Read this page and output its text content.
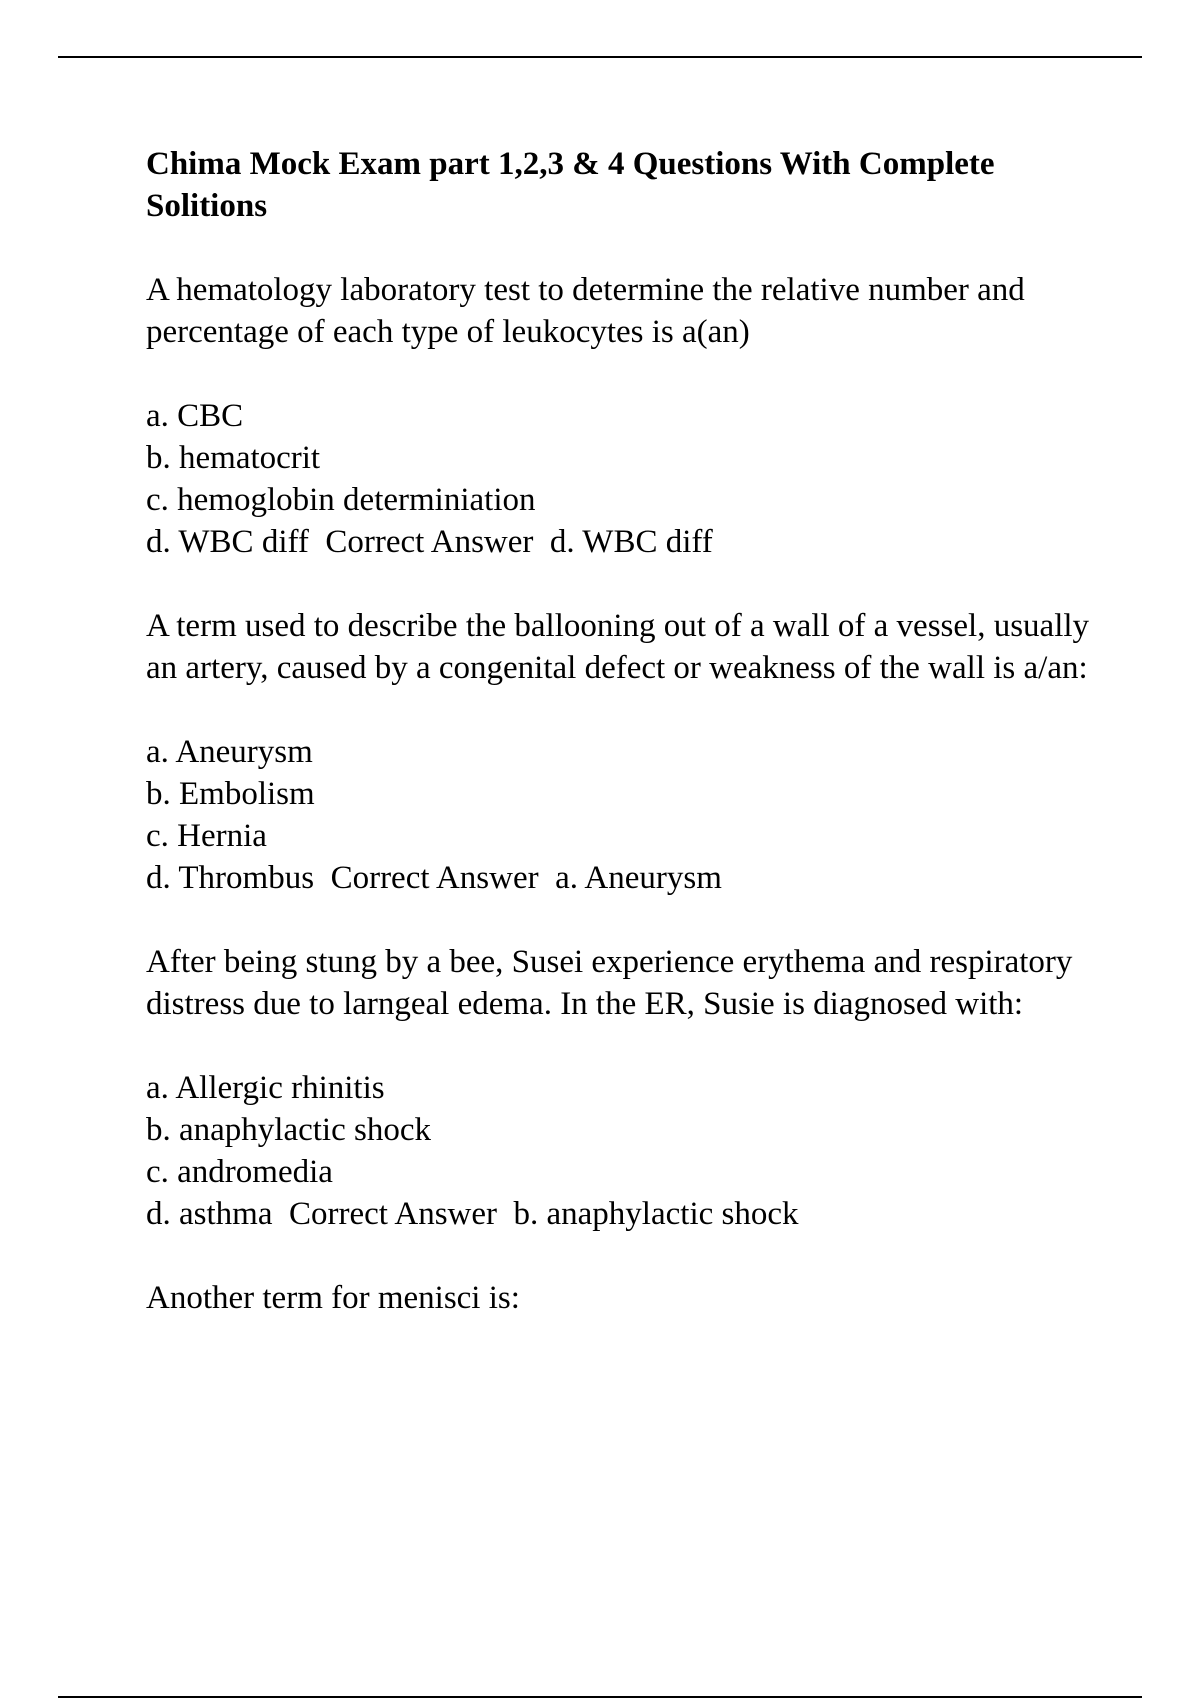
Chima Mock Exam part 1,2,3 & 4 Questions With Complete Solitions
A hematology laboratory test to determine the relative number and percentage of each type of leukocytes is a(an)
a. CBC
b. hematocrit
c. hemoglobin determiniation
d. WBC diff Correct Answer d. WBC diff
A term used to describe the ballooning out of a wall of a vessel, usually an artery, caused by a congenital defect or weakness of the wall is a/an:
a. Aneurysm
b. Embolism
c. Hernia
d. Thrombus Correct Answer a. Aneurysm
After being stung by a bee, Susei experience erythema and respiratory distress due to larngeal edema. In the ER, Susie is diagnosed with:
a. Allergic rhinitis
b. anaphylactic shock
c. andromedia
d. asthma Correct Answer b. anaphylactic shock
Another term for menisci is:
